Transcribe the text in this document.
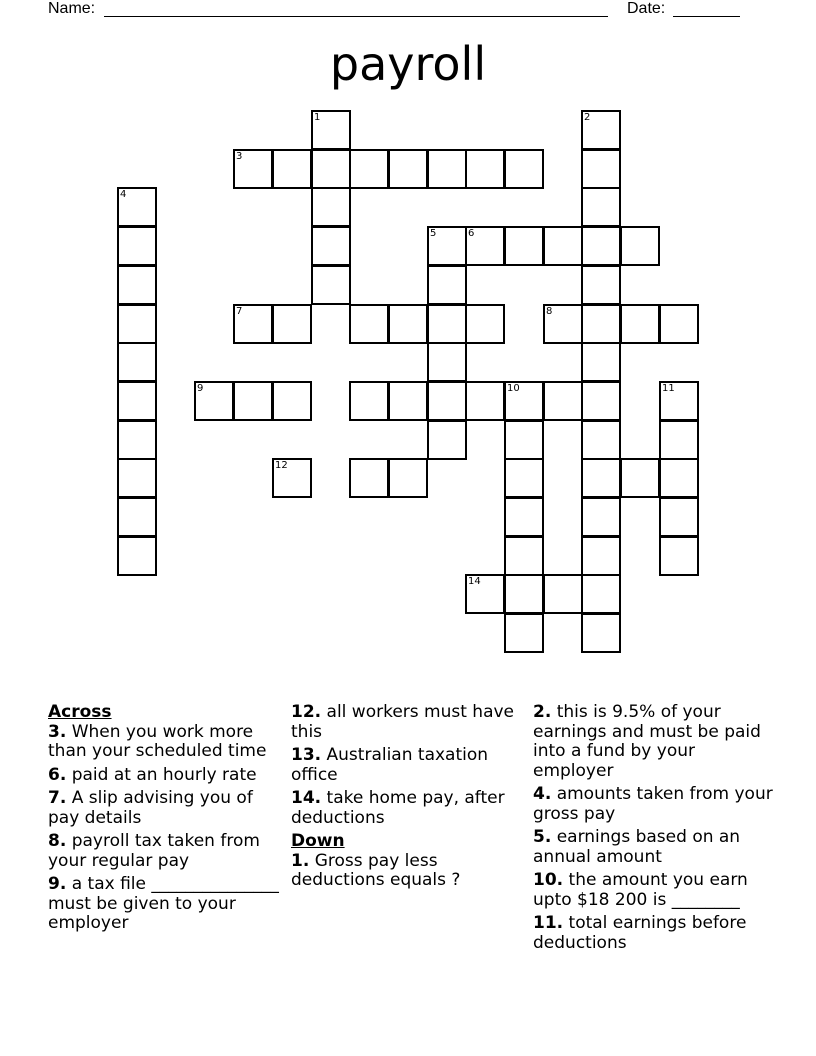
Name:	Date:
payroll
1	2
3
4
5	6
7	8
9	10	11
12
14
Across
3. When you work more than your scheduled time
6. paid at an hourly rate
7. A slip advising you of pay details
8. payroll tax taken from your regular pay
9. a tax file _______________ must be given to your employer
12. all workers must have this
13. Australian taxation office
14. take home pay, after deductions
Down
1. Gross pay less deductions equals ?
2. this is 9.5% of your earnings and must be paid into a fund by your employer
4. amounts taken from your gross pay
5. earnings based on an annual amount
10. the amount you earn upto $18 200 is ________
11. total earnings before deductions
